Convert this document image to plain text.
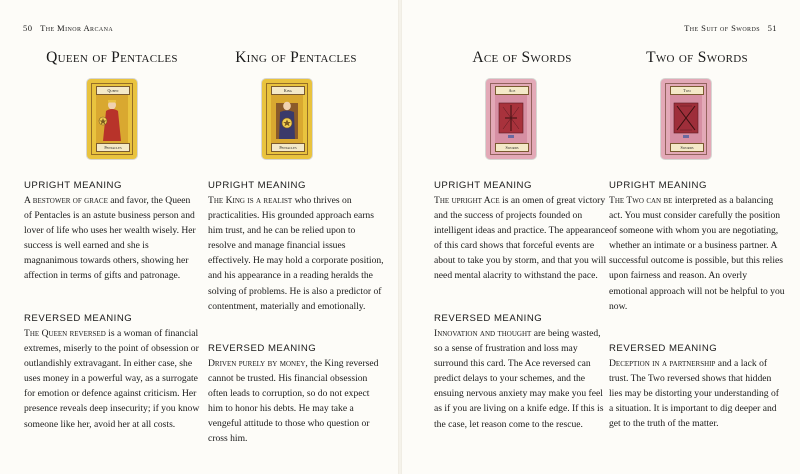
50 The Minor Arcana
Queen of Pentacles
Queen
Pentacles
UPRIGHT MEANING

A bestower of grace and favor, the Queen of Pentacles is an astute business person and lover of life who uses her wealth wisely. Her success is well earned and she is magnanimous towards others, showing her affection in terms of gifts and patronage.

REVERSED MEANING

The Queen reversed is a woman of financial extremes, miserly to the point of obsession or outlandishly extravagant. In either case, she uses money in a powerful way, as a surrogate for emotion or defence against criticism. Her presence reveals deep insecurity; if you know someone like her, avoid her at all costs.

King of Pentacles
King
Pentacles
UPRIGHT MEANING

The King is a realist who thrives on practicalities. His grounded approach earns him trust, and he can be relied upon to resolve and manage financial issues effectively. He may hold a corporate position, and his appearance in a reading heralds the solving of problems. He is also a predictor of contentment, materially and emotionally.

REVERSED MEANING

Driven purely by money, the King reversed cannot be trusted. His financial obsession often leads to corruption, so do not expect him to honor his debts. He may take a vengeful attitude to those who question or cross him.

The Suit of Swords 51
Ace of Swords
Ace
Swords
UPRIGHT MEANING

The upright Ace is an omen of great victory and the success of projects founded on intelligent ideas and practice. The appearance of this card shows that forceful events are about to take you by storm, and that you will need mental alacrity to withstand the pace.

REVERSED MEANING

Innovation and thought are being wasted, so a sense of frustration and loss may surround this card. The Ace reversed can predict delays to your schemes, and the ensuing nervous anxiety may make you feel as if you are living on a knife edge. If this is the case, let reason come to the rescue.

Two of Swords
Two
Swords
UPRIGHT MEANING

The Two can be interpreted as a balancing act. You must consider carefully the position of someone with whom you are negotiating, whether an intimate or a business partner. A successful outcome is possible, but this relies upon fairness and reason. An overly emotional approach will not be helpful to you now.

REVERSED MEANING

Deception in a partnership and a lack of trust. The Two reversed shows that hidden lies may be distorting your understanding of a situation. It is important to dig deeper and get to the truth of the matter.
